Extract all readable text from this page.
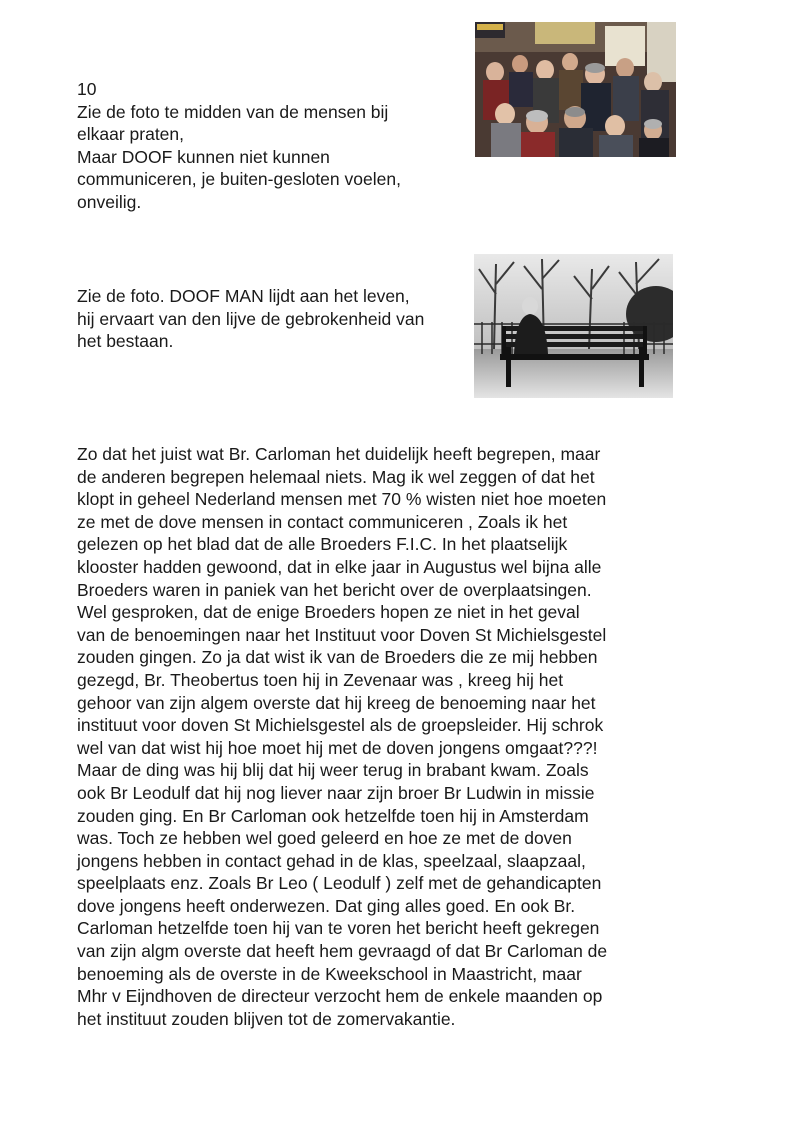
10
Zie de foto te midden van de mensen bij
elkaar praten,
Maar DOOF kunnen niet kunnen
communiceren, je buiten-gesloten voelen,
onveilig.

Zie de foto. DOOF MAN lijdt aan het leven,

hij ervaart van den lijve de gebrokenheid van

het bestaan.

Zo dat het juist wat Br. Carloman het duidelijk heeft begrepen, maar
de anderen begrepen helemaal niets. Mag ik wel zeggen of dat het
klopt in geheel Nederland mensen met 70 % wisten niet hoe moeten
ze met de dove mensen in contact communiceren , Zoals ik het
gelezen op het blad dat de alle Broeders F.I.C. In het plaatselijk
klooster hadden gewoond, dat in elke jaar in Augustus wel bijna alle
Broeders waren in paniek van het bericht over de overplaatsingen.
Wel gesproken, dat de enige Broeders hopen ze niet in het geval
van de benoemingen naar het Instituut voor Doven St Michielsgestel
zouden gingen. Zo ja dat wist ik van de Broeders die ze mij hebben
gezegd, Br. Theobertus toen hij in Zevenaar was , kreeg hij het
gehoor van zijn algem overste dat hij kreeg de benoeming naar het
instituut voor doven St Michielsgestel als de groepsleider. Hij schrok
wel van dat wist hij hoe moet hij met de doven jongens omgaat???!
Maar de ding was hij blij dat hij weer terug in brabant kwam. Zoals
ook Br Leodulf dat hij nog liever naar zijn broer Br Ludwin in missie
zouden ging. En Br Carloman ook hetzelfde toen hij in Amsterdam
was. Toch ze hebben wel goed geleerd en hoe ze met de doven
jongens hebben in contact gehad in de klas, speelzaal, slaapzaal,
speelplaats enz. Zoals Br Leo ( Leodulf ) zelf met de gehandicapten
dove jongens heeft onderwezen. Dat ging alles goed. En ook Br.
Carloman hetzelfde toen hij van te voren het bericht heeft gekregen
van zijn algm overste dat heeft hem gevraagd of dat Br Carloman de
benoeming als de overste in de Kweekschool in Maastricht, maar
Mhr v Eijndhoven de directeur verzocht hem de enkele maanden op
het instituut zouden blijven tot de zomervakantie.
